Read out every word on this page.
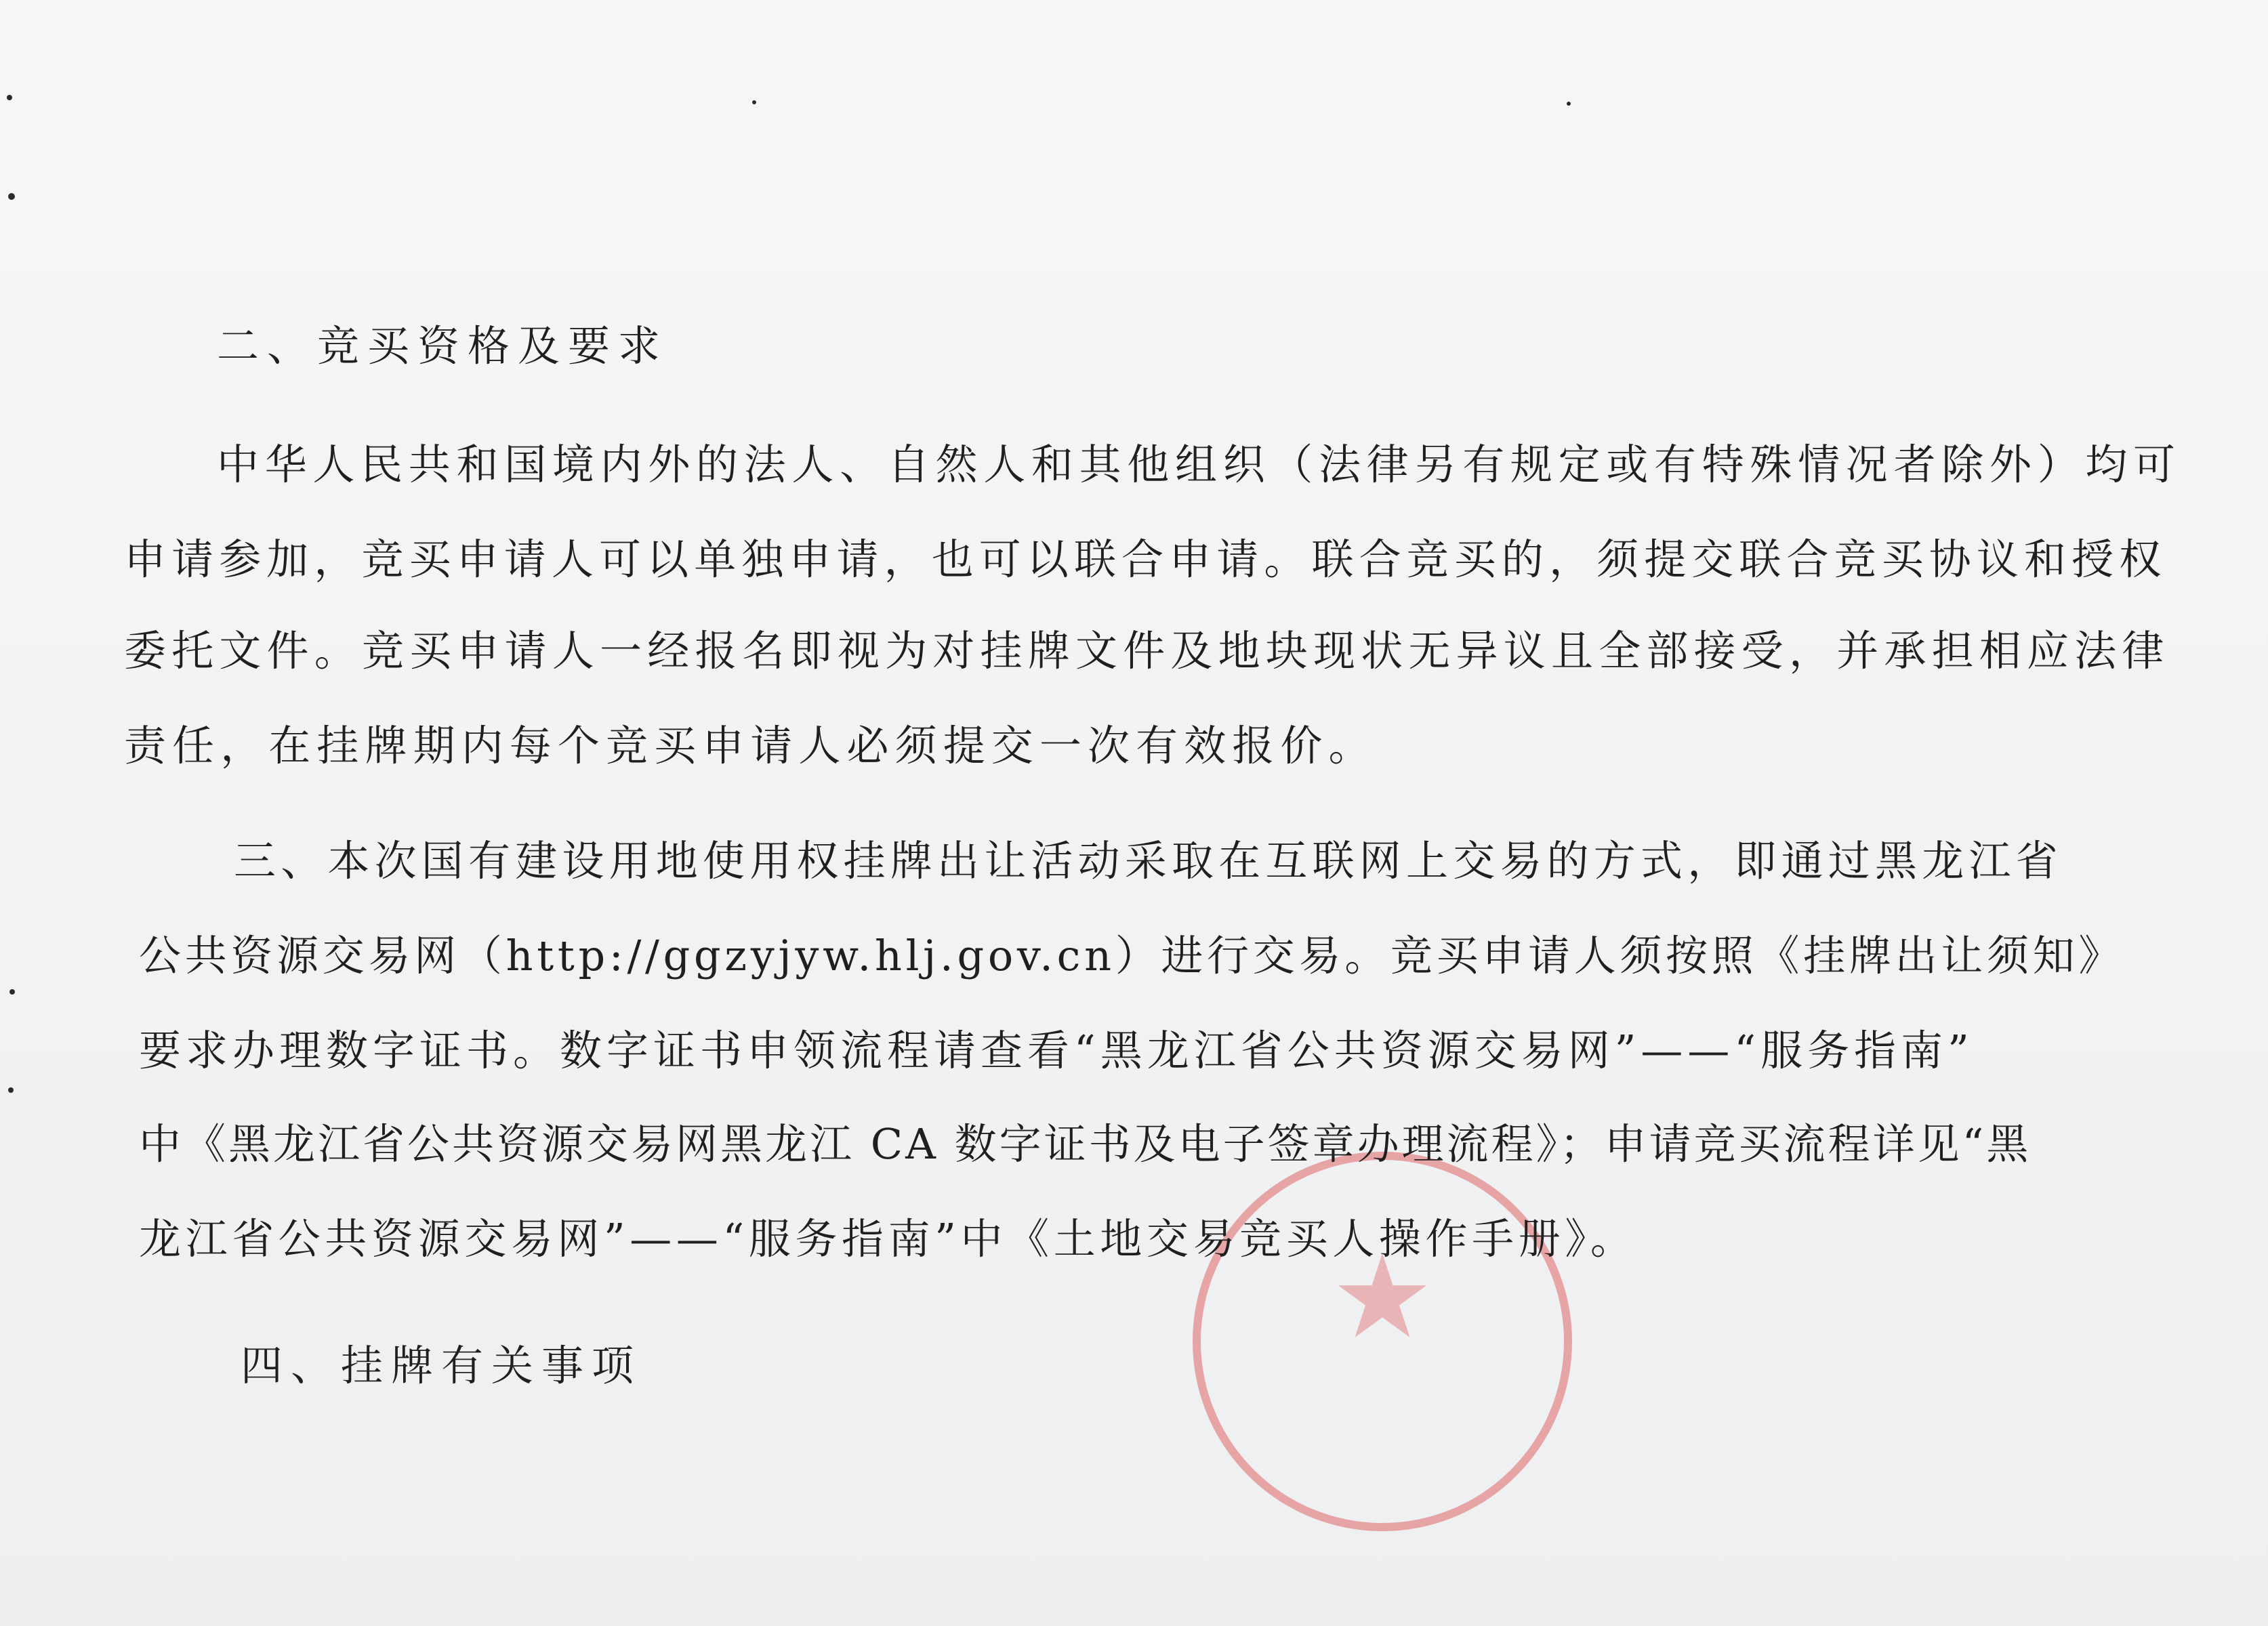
★
二、竞买资格及要求
中华人民共和国境内外的法人、自然人和其他组织（法律另有规定或有特殊情况者除外）均可
申请参加，竞买申请人可以单独申请，也可以联合申请。联合竞买的，须提交联合竞买协议和授权
委托文件。竞买申请人一经报名即视为对挂牌文件及地块现状无异议且全部接受，并承担相应法律
责任，在挂牌期内每个竞买申请人必须提交一次有效报价。
三、本次国有建设用地使用权挂牌出让活动采取在互联网上交易的方式，即通过黑龙江省
公共资源交易网（http://ggzyjyw.hlj.gov.cn）进行交易。竞买申请人须按照《挂牌出让须知》
要求办理数字证书。数字证书申领流程请查看“黑龙江省公共资源交易网”——“服务指南”
中《黑龙江省公共资源交易网黑龙江 CA 数字证书及电子签章办理流程》；申请竞买流程详见“黑
龙江省公共资源交易网”——“服务指南”中《土地交易竞买人操作手册》。
四、挂牌有关事项
